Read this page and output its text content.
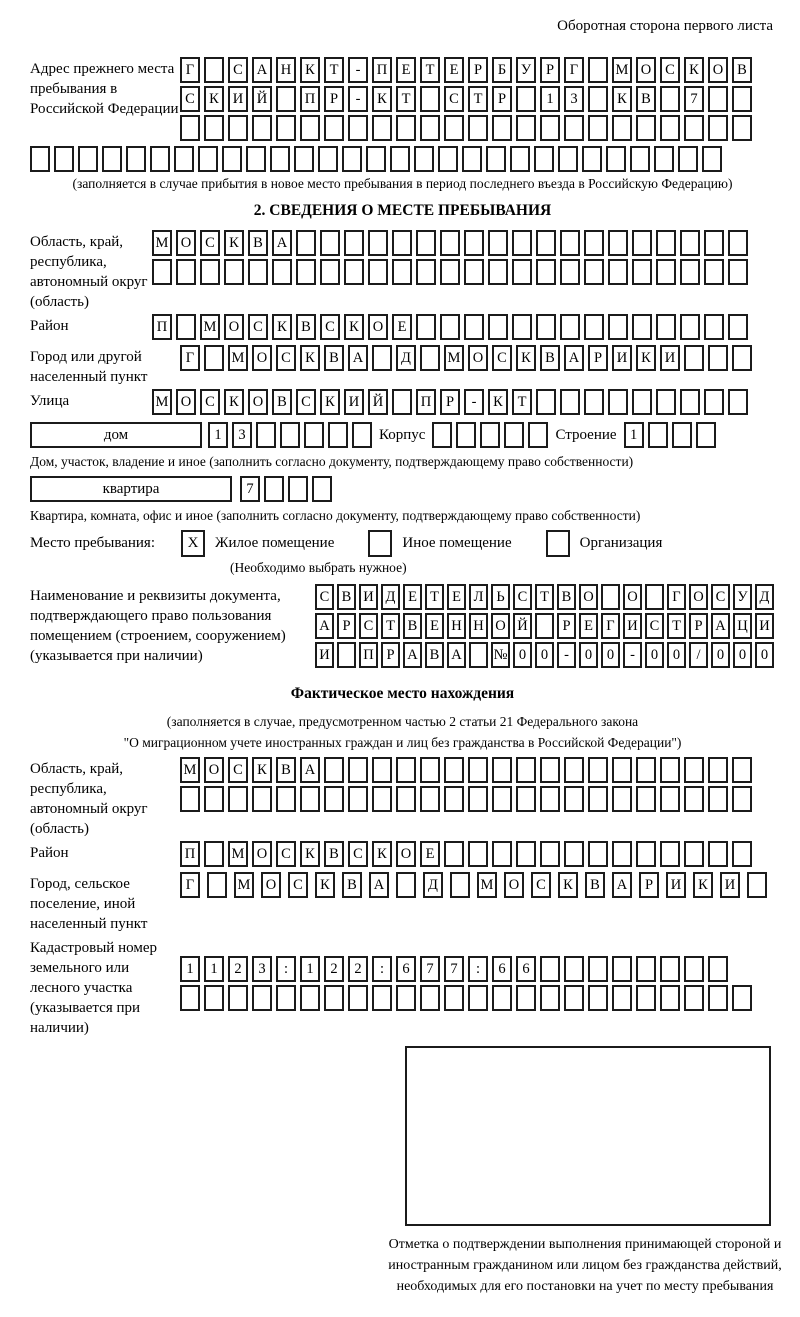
Оборотная сторона первого листа
Адрес прежнего места пребывания в Российской Федерации
Г	С А Н К	Т	-	П Е	Т	Е	Р	Б	У	Р	Г	М О С К О В
С К И Й	П	Р	-	К	Т	С	Т	Р	1	3	К В	7
(заполняется в случае прибытия в новое место пребывания в период последнего въезда в Российскую Федерацию)
2. СВЕДЕНИЯ О МЕСТЕ ПРЕБЫВАНИЯ
Область, край, республика, автономный округ (область)
М О С К В А
Район	П	М О С К В С К О Е
Город или другой населенный пункт
Г	М О С К В А	Д	М О С К В А	Р	И К И
Улица	М О С К О В С К И Й	П	Р	-	К	Т
дом	1	3	Корпус	Строение 1
Дом, участок, владение и иное (заполнить согласно документу, подтверждающему право собственности)
квартира	7
Квартира, комната, офис и иное (заполнить согласно документу, подтверждающему право собственности)
Место пребывания:	X	Жилое помещение	Иное помещение	Организация
(Необходимо выбрать нужное)
Наименование и реквизиты документа, подтверждающего право пользования помещением (строением, сооружением) (указывается при наличии)
С В И Д Е Т Е Л Ь С Т В О О	Г О С У Д
А Р С Т В Е Н Н О Й	Р Е Г И С Т Р А Ц И
И П Р А В А № 0	0	-	0	0	-	0	0	/	0	0	0
Фактическое место нахождения
(заполняется в случае, предусмотренном частью 2 статьи 21 Федерального закона
"О миграционном учете иностранных граждан и лиц без гражданства в Российской Федерации")
Область, край, республика, автономный округ (область)
М О С К В А
Район	П	М О С К В С К О Е
Город, сельское поселение, иной населенный пункт
Г	М	О	С	К	В	А	Д	М	О	С	К	В	А	Р	И	К	И
Кадастровый номер земельного или лесного участка (указывается при наличии)
1	1	2	3	:	1	2	2	:	6	7	7	:	6	6
Отметка о подтверждении выполнения принимающей стороной и иностранным гражданином или лицом без гражданства действий, необходимых для его постановки на учет по месту пребывания
